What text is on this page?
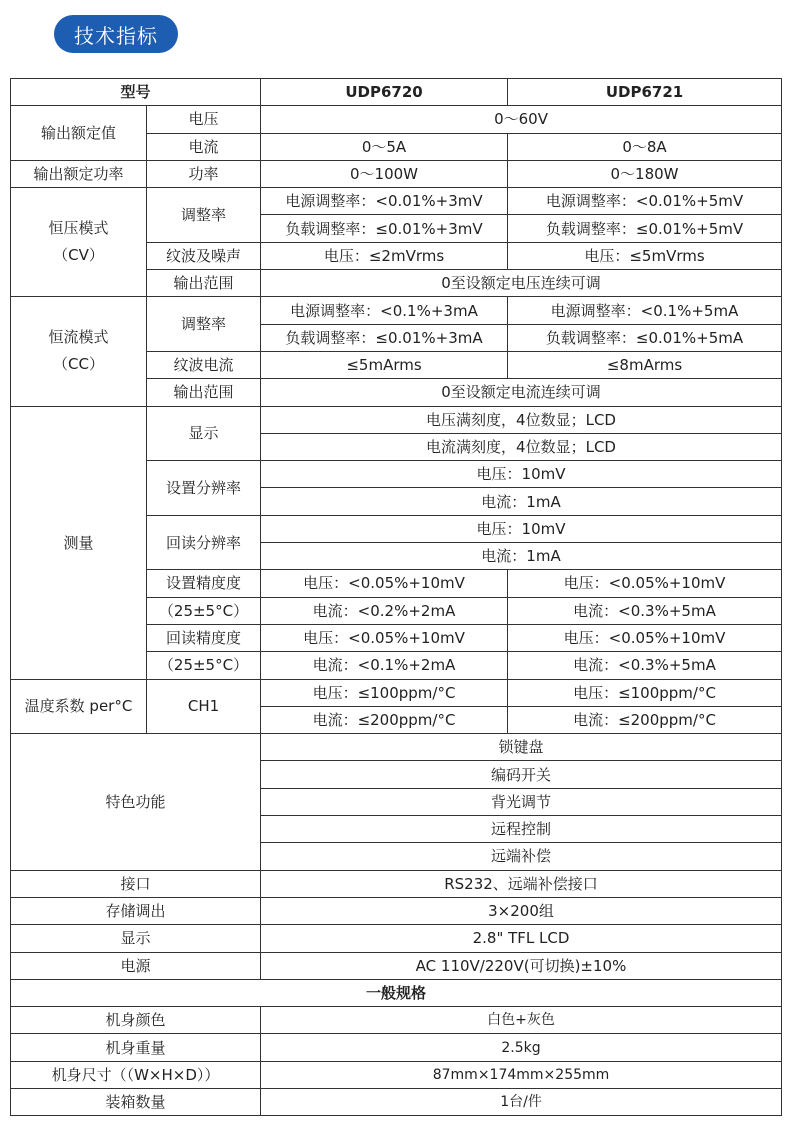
技术指标
型号		UDP6720	UDP6721
输出额定值	电压	0～60V	
	电流	0～5A	0～8A
输出额定功率	功率	0～100W	0～180W

恒压模式
（CV）	调整率	电源调整率：<0.01%+3mV	电源调整率：<0.01%+5mV
		负载调整率：≤0.01%+3mV	负载调整率：≤0.01%+5mV
	纹波及噪声	电压：≤2mVrms	电压：≤5mVrms
	输出范围	0至设额定电压连续可调	

恒流模式
（CC）	调整率	电源调整率：<0.1%+3mA	电源调整率：<0.1%+5mA
		负载调整率：≤0.01%+3mA	负载调整率：≤0.01%+5mA
	纹波电流	≤5mArms	≤8mArms
	输出范围	0至设额定电流连续可调	
测量	显示	电压满刻度，4位数显；LCD	
		电流满刻度，4位数显；LCD	
	设置分辨率	电压：10mV	
		电流：1mA	
	回读分辨率	电压：10mV	
		电流：1mA	
	设置精度度	电压：<0.05%+10mV	电压：<0.05%+10mV
	（25±5°C）	电流：<0.2%+2mA	电流：<0.3%+5mA
	回读精度度	电压：<0.05%+10mV	电压：<0.05%+10mV
	（25±5°C）	电流：<0.1%+2mA	电流：<0.3%+5mA
温度系数 per°C	CH1	电压：≤100ppm/°C	电压：≤100ppm/°C
		电流：≤200ppm/°C	电流：≤200ppm/°C
特色功能		锁键盘	
		编码开关	
		背光调节	
		远程控制	
		远端补偿	
接口		RS232、远端补偿接口	
存储调出		3×200组	
显示		2.8" TFL LCD	
电源		AC 110V/220V(可切换)±10%	
一般规格			
机身颜色		白色+灰色	
机身重量		2.5kg	
机身尺寸（（W×H×D））		87mm×174mm×255mm	
装箱数量		1台/件	
